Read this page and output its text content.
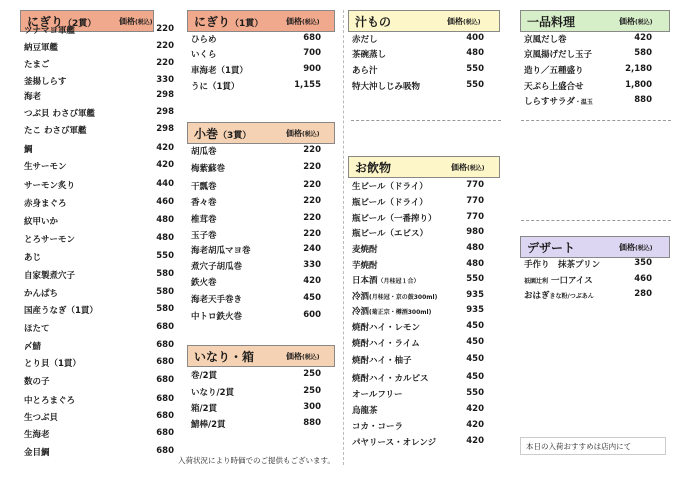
にぎり（2貫）	価格(税込)
ツナマヨ軍艦	220
納豆軍艦	220
たまご	220
釜揚しらす	330
海老	298
つぶ貝 わさび軍艦	298
たこ わさび軍艦	298
鯛	420
生サーモン	420
サーモン炙り	440
赤身まぐろ	460
紋甲いか	480
とろサーモン	480
あじ	550
自家製煮穴子	580
かんぱち	580
国産うなぎ（1貫）	580
ほたて	680
〆鯖	680
とり貝（1貫）	680
数の子	680
中とろまぐろ	680
生つぶ貝	680
生海老	680
金目鯛	680
にぎり（1貫）	価格(税込)
ひらめ	680
いくら	700
車海老（1貫）	900
うに（1貫）	1,155
小巻（3貫）	価格(税込)
胡瓜巻	220
梅紫蘇巻	220
干瓢巻	220
香々巻	220
椎茸巻	220
玉子巻	220
海老胡瓜マヨ巻	240
煮穴子胡瓜巻	330
鉄火巻	420
海老天手巻き	450
中トロ鉄火巻	600
いなり・箱	価格(税込)
巻/2貫	250
いなり/2貫	250
箱/2貫	300
鯖棒/2貫	880
汁もの	価格(税込)
赤だし	400
茶碗蒸し	480
あら汁	550
特大沖しじみ吸物	550
お飲物	価格(税込)
生ビール（ドライ）	770
瓶ビール（ドライ）	770
瓶ビール（一番搾り）	770
瓶ビール（エビス）	980
麦焼酎	480
芋焼酎	480
日本酒（月桂冠１合）	550
冷酒(月桂冠・京の鼓300ml)	935
冷酒(菊正宗・樽酒300ml)	935
焼酎ハイ・レモン	450
焼酎ハイ・ライム	450
焼酎ハイ・柚子	450
焼酎ハイ・カルピス	450
オールフリー	550
烏龍茶	420
コカ・コーラ	420
パヤリース・オレンジ	420
一品料理	価格(税込)
京風だし巻	420
京風揚げだし玉子	580
造り／五種盛り	2,180
天ぷら上盛合せ	1,800
しらすサラダ・温玉	880
デザート	価格(税込)
手作り　抹茶プリン	350
祇園辻利 一口アイス	460
おはぎきな粉/つぶあん	280
入荷状況により時価でのご提供もございます。
本日の入荷おすすめは店内にて
